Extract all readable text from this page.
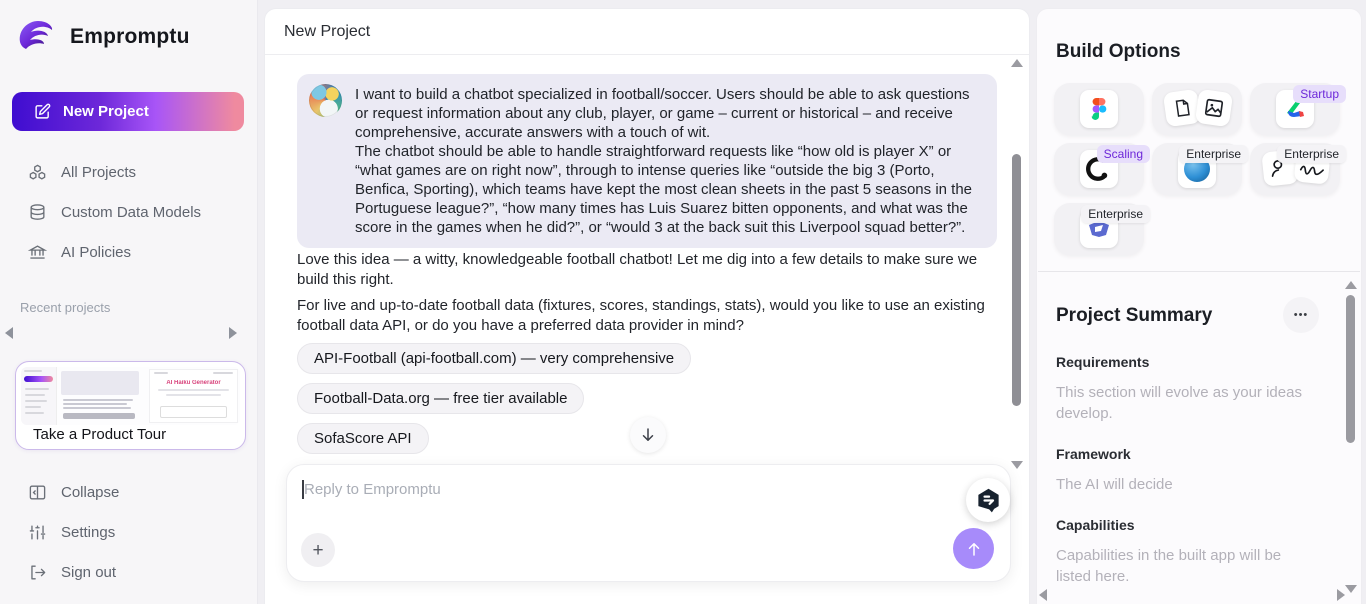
Empromptu
New Project
All Projects
Custom Data Models
AI Policies
Recent projects
AI Haiku Generator
Take a Product Tour
Collapse
Settings
Sign out
New Project
I want to build a chatbot specialized in football/soccer. Users should be able to ask questions or request information about any club, player, or game – current or historical – and receive comprehensive, accurate answers with a touch of wit.
The chatbot should be able to handle straightforward requests like “how old is player X” or “what games are on right now”, through to intense queries like “outside the big 3 (Porto, Benfica, Sporting), which teams have kept the most clean sheets in the past 5 seasons in the Portuguese league?”, “how many times has Luis Suarez bitten opponents, and what was the score in the games when he did?”, or “would 3 at the back suit this Liverpool squad better?”.
Love this idea — a witty, knowledgeable football chatbot! Let me dig into a few details to make sure we build this right.
For live and up-to-date football data (fixtures, scores, standings, stats), would you like to use an existing football data API, or do you have a preferred data provider in mind?
API-Football (api-football.com) — very comprehensive
Football-Data.org — free tier available
SofaScore API
Reply to Empromptu
+
Build Options
Startup
Scaling	Enterprise	Enterprise
Enterprise
Project Summary	•••
Requirements
This section will evolve as your ideas develop.
Framework
The AI will decide
Capabilities
Capabilities in the built app will be listed here.
